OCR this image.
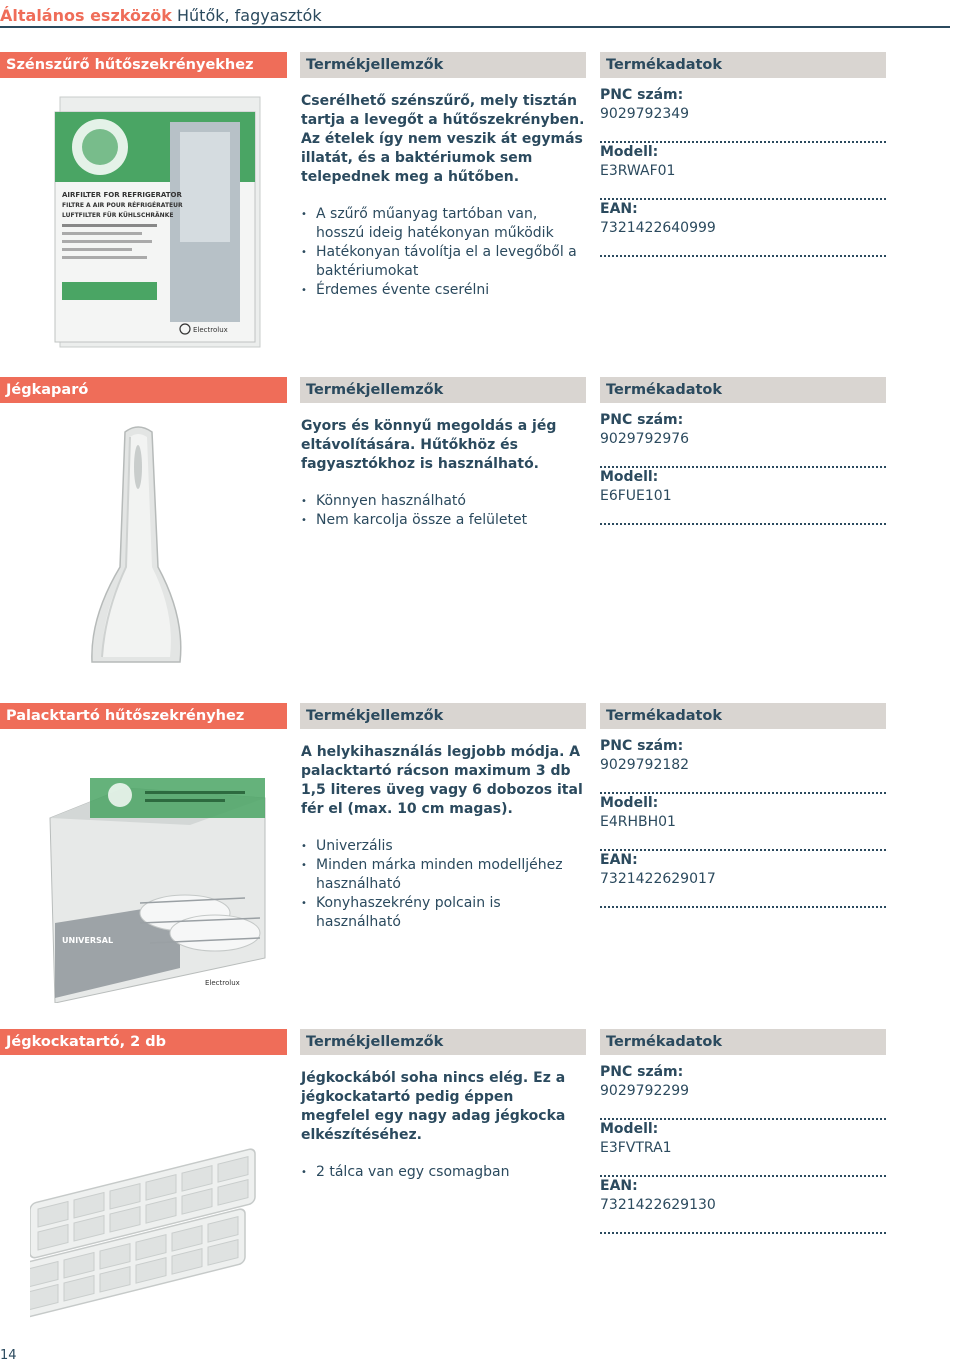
Általános eszközök Hűtők, fagyasztók
Szénszűrő hűtőszekrényekhez	Termékjellemzők	Termékadatok
AIRFILTER FOR REFRIGERATOR
FILTRE A AIR POUR RÉFRIGÉRATEUR
LUFTFILTER FÜR KÜHLSCHRÄNKE
Electrolux

Cserélhető szénszűrő, mely tisztán tartja a levegőt a hűtőszekrényben. Az ételek így nem veszik át egymás illatát, és a baktériumok sem telepednek meg a hűtőben.

• A szűrő műanyag tartóban van, hosszú ideig hatékonyan működik
• Hatékonyan távolítja el a levegőből a baktériumokat
• Érdemes évente cserélni
PNC szám:
9029792349
Modell:
E3RWAF01
EAN:
7321422640999
Jégkaparó	Termékjellemzők	Termékadatok

Gyors és könnyű megoldás a jég eltávolítására. Hűtőkhöz és fagyasztókhoz is használható.

• Könnyen használható
• Nem karcolja össze a felületet
PNC szám:
9029792976
Modell:
E6FUE101
Palacktartó hűtőszekrényhez	Termékjellemzők	Termékadatok
UNIVERSAL
Electrolux

A helykihasználás legjobb módja. A palacktartó rácson maximum 3 db 1,5 literes üveg vagy 6 dobozos ital fér el (max. 10 cm magas).

• Univerzális
• Minden márka minden modelljéhez használható
• Konyhaszekrény polcain is használható
PNC szám:
9029792182
Modell:
E4RHBH01
EAN:
7321422629017
Jégkockatartó, 2 db	Termékjellemzők	Termékadatok

Jégkockából soha nincs elég. Ez a jégkockatartó pedig éppen megfelel egy nagy adag jégkocka elkészítéséhez.

• 2 tálca van egy csomagban
PNC szám:
9029792299
Modell:
E3FVTRA1
EAN:
7321422629130
14
